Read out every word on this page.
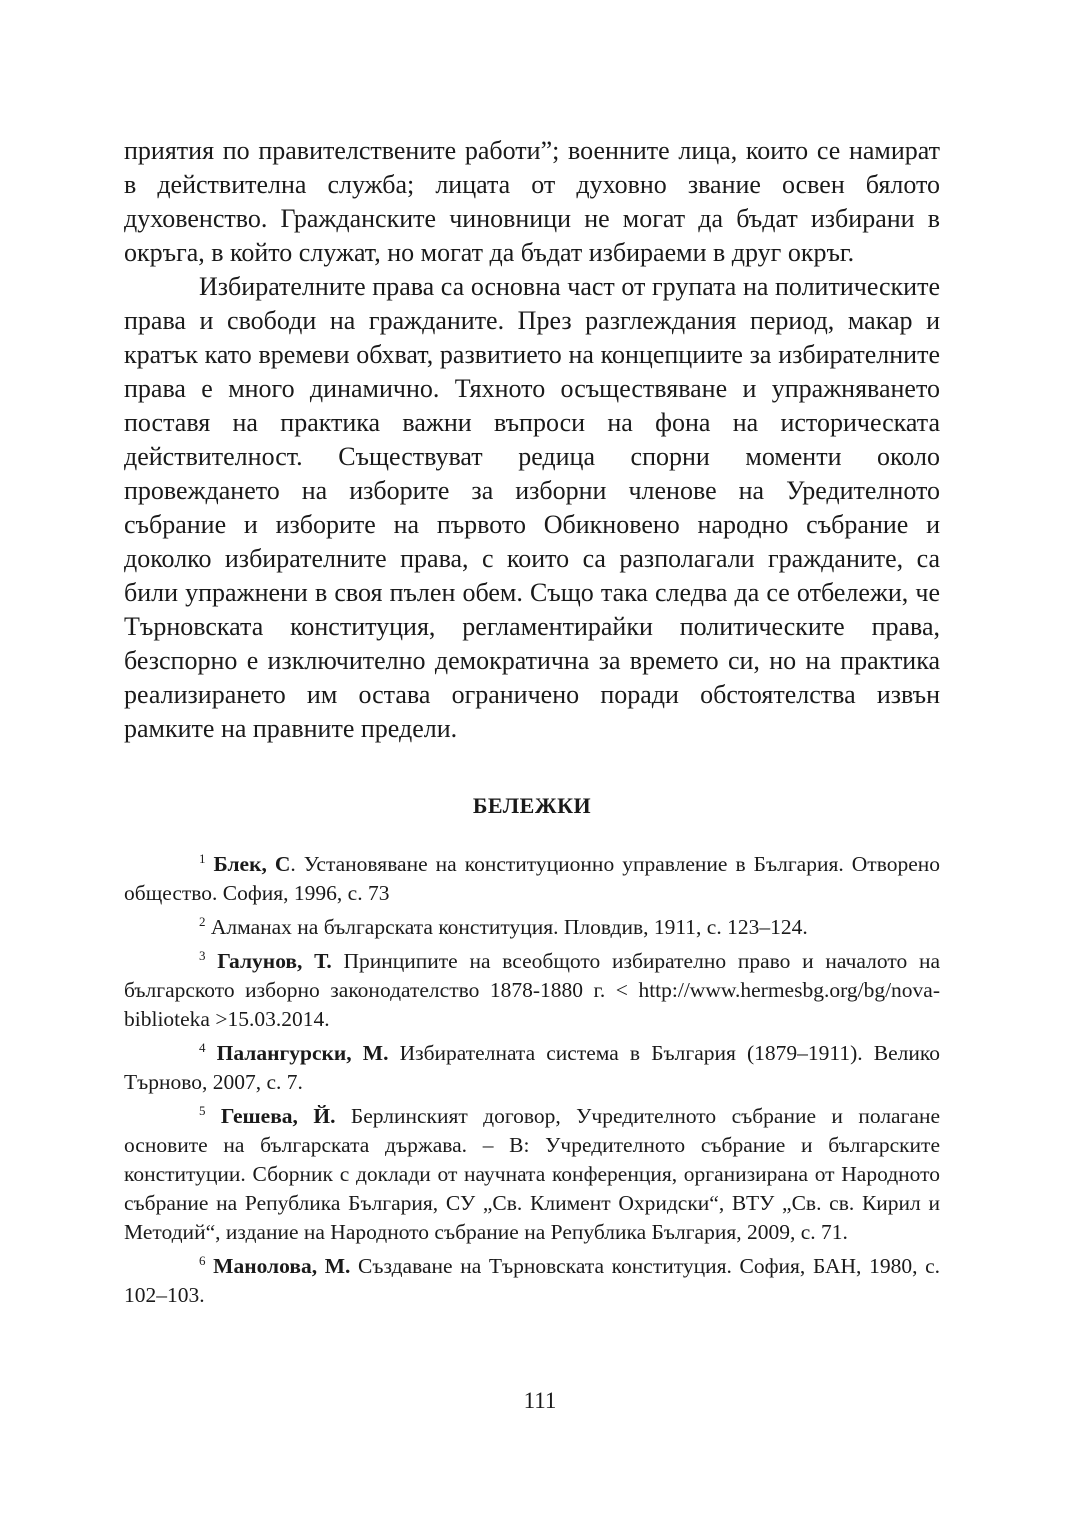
приятия по правителствените работи”; военните лица, които се намират в действителна служба; лицата от духовно звание освен бялото духовенство. Гражданските чиновници не могат да бъдат избирани в окръга, в който служат, но могат да бъдат избираеми в друг окръг.

Избирателните права са основна част от групата на политическите права и свободи на гражданите. През разглеждания период, макар и кратък като времеви обхват, развитието на концепциите за избирателните права е много динамично. Тяхното осъществяване и упражняването поставя на практика важни въпроси на фона на историческата действителност. Съществуват редица спорни моменти около провеждането на изборите за изборни членове на Уредителното събрание и изборите на първото Обикновено народно събрание и доколко избирателните права, с които са разполагали гражданите, са били упражнени в своя пълен обем. Също така следва да се отбележи, че Търновската конституция, регламентирайки политическите права, безспорно е изключително демократична за времето си, но на практика реализирането им остава ограничено поради обстоятелства извън рамките на правните предели.

БЕЛЕЖКИ

$^1$ Блек, С. Установяване на конституционно управление в България. Отворено общество. София, 1996, с. 73

$^2$ Алманах на българската конституция. Пловдив, 1911, с. 123–124.

$^3$ Галунов, Т. Принципите на всеобщото избирателно право и началото на българското изборно законодателство 1878-1880 г. < http://www.hermesbg.org/bg/nova-biblioteka >15.03.2014.

$^4$ Палангурски, М. Избирателната система в България (1879–1911). Велико Търново, 2007, с. 7.

$^5$ Гешева, Й. Берлинският договор, Учредителното събрание и полагане основите на българската държава. – В: Учредителното събрание и българските конституции. Сборник с доклади от научната конференция, организирана от Народното събрание на Република България, СУ „Св. Климент Охридски“, ВТУ „Св. св. Кирил и Методий“, издание на Народното събрание на Република България, 2009, с. 71.

$^6$ Манолова, М. Създаване на Търновската конституция. София, БАН, 1980, с. 102–103.

111
